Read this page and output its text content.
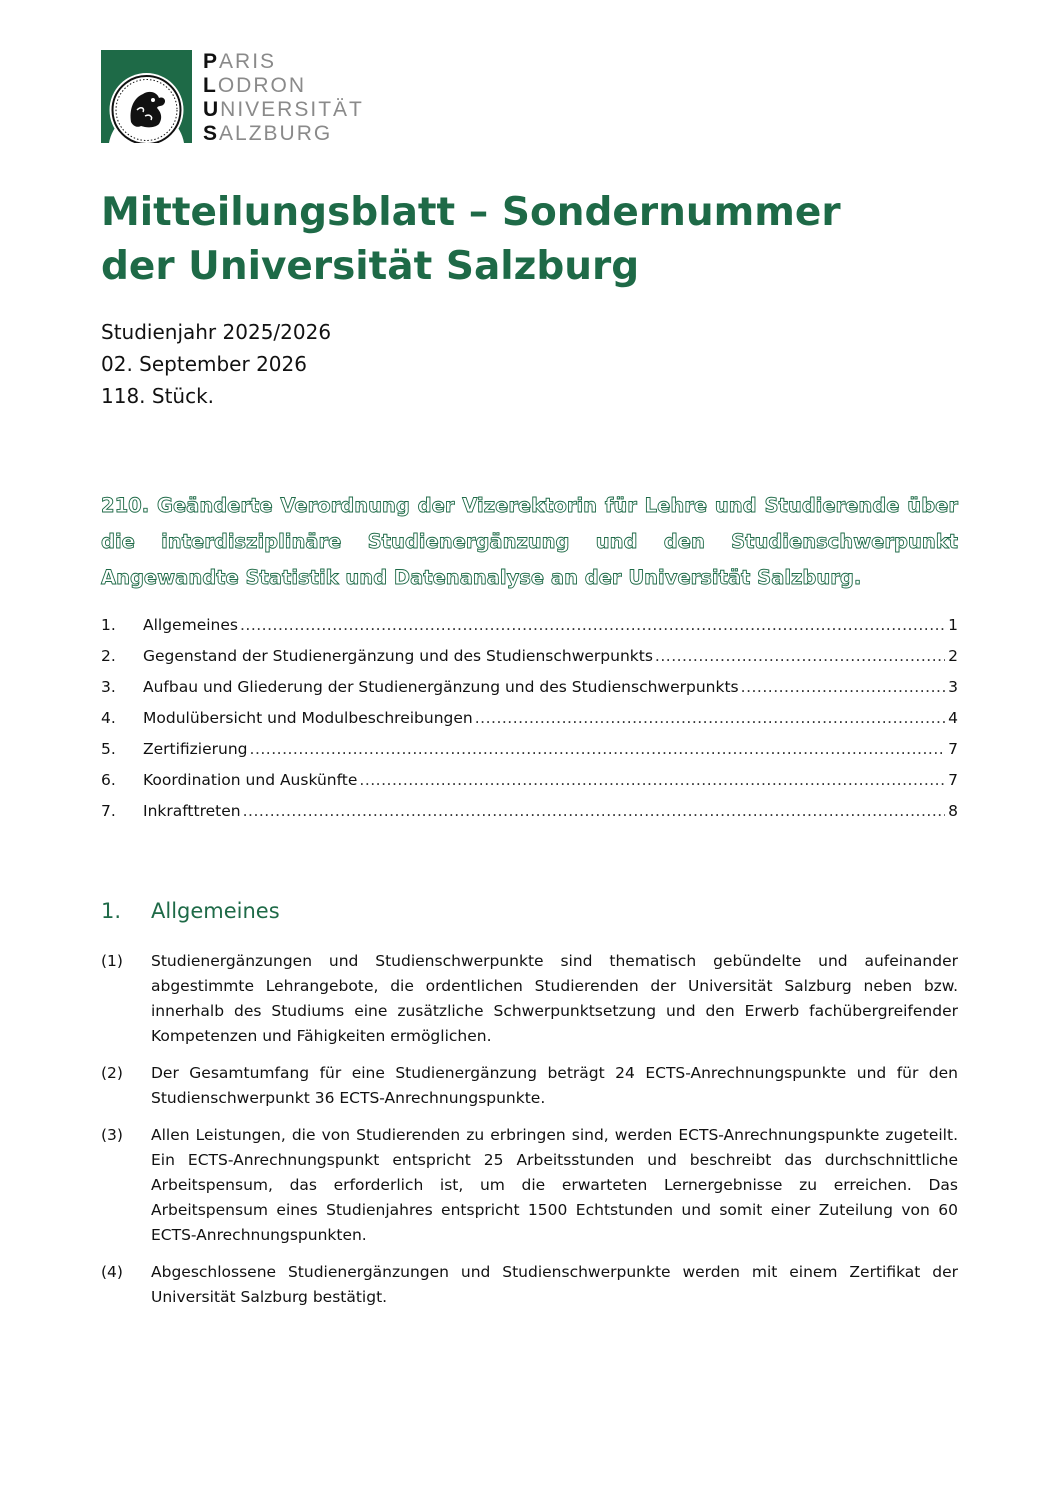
PARIS
LODRON
UNIVERSITÄT
SALZBURG
Mitteilungsblatt – Sondernummer
der Universität Salzburg
Studienjahr 2025/2026
02. September 2026
118. Stück.

210. Geänderte Verordnung der Vizerektorin für Lehre und Studierende über die interdisziplinäre Studienergänzung und den Studienschwerpunkt Angewandte Statistik und Datenanalyse an der Universität Salzburg.

1.	Allgemeines .....	1
2.	Gegenstand der Studienergänzung und des Studienschwerpunkts .....	2
3.	Aufbau und Gliederung der Studienergänzung und des Studienschwerpunkts .....	3
4.	Modulübersicht und Modulbeschreibungen .....	4
5.	Zertifizierung .....	7
6.	Koordination und Auskünfte .....	7
7.	Inkrafttreten .....	8
1.	Allgemeines
(1)	Studienergänzungen und Studienschwerpunkte sind thematisch gebündelte und aufeinander abgestimmte Lehrangebote, die ordentlichen Studierenden der Universität Salzburg neben bzw. innerhalb des Studiums eine zusätzliche Schwerpunktsetzung und den Erwerb fachübergreifender Kompetenzen und Fähigkeiten ermöglichen.

(2)	Der Gesamtumfang für eine Studienergänzung beträgt 24 ECTS-Anrechnungspunkte und für den Studienschwerpunkt 36 ECTS-Anrechnungspunkte.

(3)	Allen Leistungen, die von Studierenden zu erbringen sind, werden ECTS-Anrechnungspunkte zugeteilt. Ein ECTS-Anrechnungspunkt entspricht 25 Arbeitsstunden und beschreibt das durchschnittliche Arbeitspensum, das erforderlich ist, um die erwarteten Lernergebnisse zu erreichen. Das Arbeitspensum eines Studienjahres entspricht 1500 Echtstunden und somit einer Zuteilung von 60 ECTS-Anrechnungspunkten.

(4)	Abgeschlossene Studienergänzungen und Studienschwerpunkte werden mit einem Zertifikat der Universität Salzburg bestätigt.
